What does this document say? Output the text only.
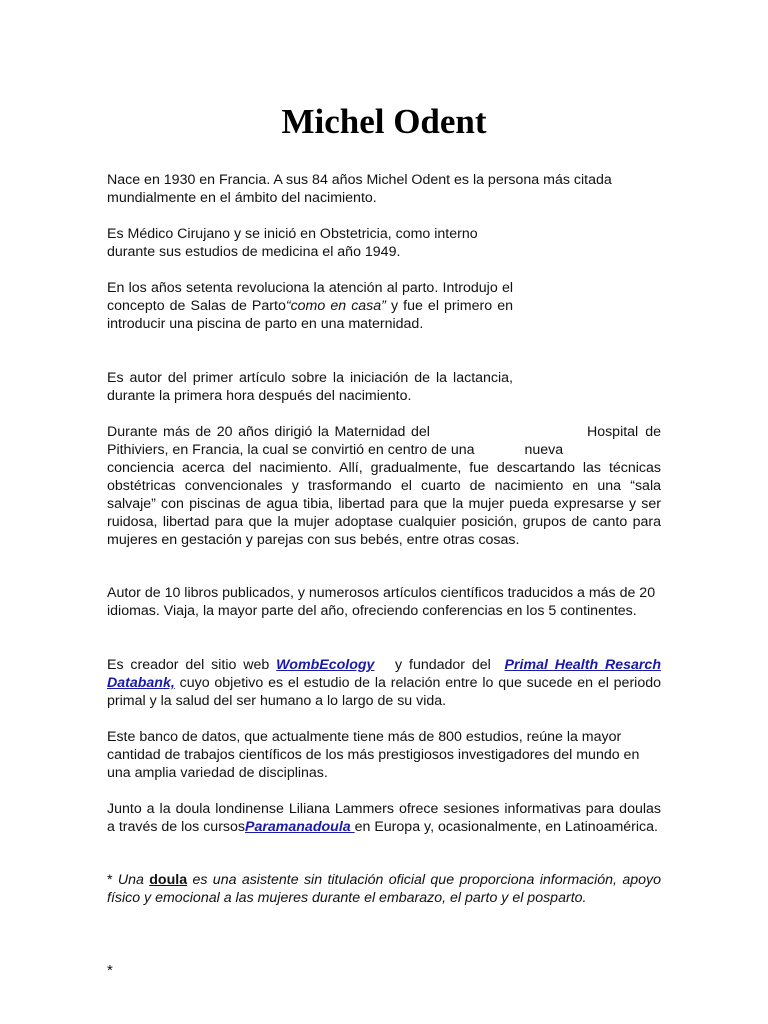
Michel Odent

Nace en 1930 en Francia. A sus 84 años Michel Odent es la persona más citada mundialmente en el ámbito del nacimiento.

Es Médico Cirujano y se inició en Obstetricia, como interno durante sus estudios de medicina el año 1949.

En los años setenta revoluciona la atención al parto. Introdujo el concepto de Salas de Parto“como en casa” y fue el primero en introducir una piscina de parto en una maternidad.

Es autor del primer artículo sobre la iniciación de la lactancia, durante la primera hora después del nacimiento.

Durante más de 20 años dirigió la Maternidad del	Hospital de
Pithiviers, en Francia, la cual se convirtió en centro de una	nueva
conciencia acerca del nacimiento. Allí, gradualmente, fue descartando las técnicas obstétricas convencionales y trasformando el cuarto de nacimiento en una “sala salvaje” con piscinas de agua tibia, libertad para que la mujer pueda expresarse y ser ruidosa, libertad para que la mujer adoptase cualquier posición, grupos de canto para mujeres en gestación y parejas con sus bebés, entre otras cosas.

Autor de 10 libros publicados, y numerosos artículos científicos traducidos a más de 20 idiomas. Viaja, la mayor parte del año, ofreciendo conferencias en los 5 continentes.

Es creador del sitio web WombEcology   y fundador del  Primal Health Resarch Databank, cuyo objetivo es el estudio de la relación entre lo que sucede en el periodo primal y la salud del ser humano a lo largo de su vida.

Este banco de datos, que actualmente tiene más de 800 estudios, reúne la mayor cantidad de trabajos científicos de los más prestigiosos investigadores del mundo en una amplia variedad de disciplinas.

Junto a la doula londinense Liliana Lammers ofrece sesiones informativas para doulas a través de los cursosParamanadoula en Europa y, ocasionalmente, en Latinoamérica.

* Una doula es una asistente sin titulación oficial que proporciona información, apoyo físico y emocional a las mujeres durante el embarazo, el parto y el posparto.

*
